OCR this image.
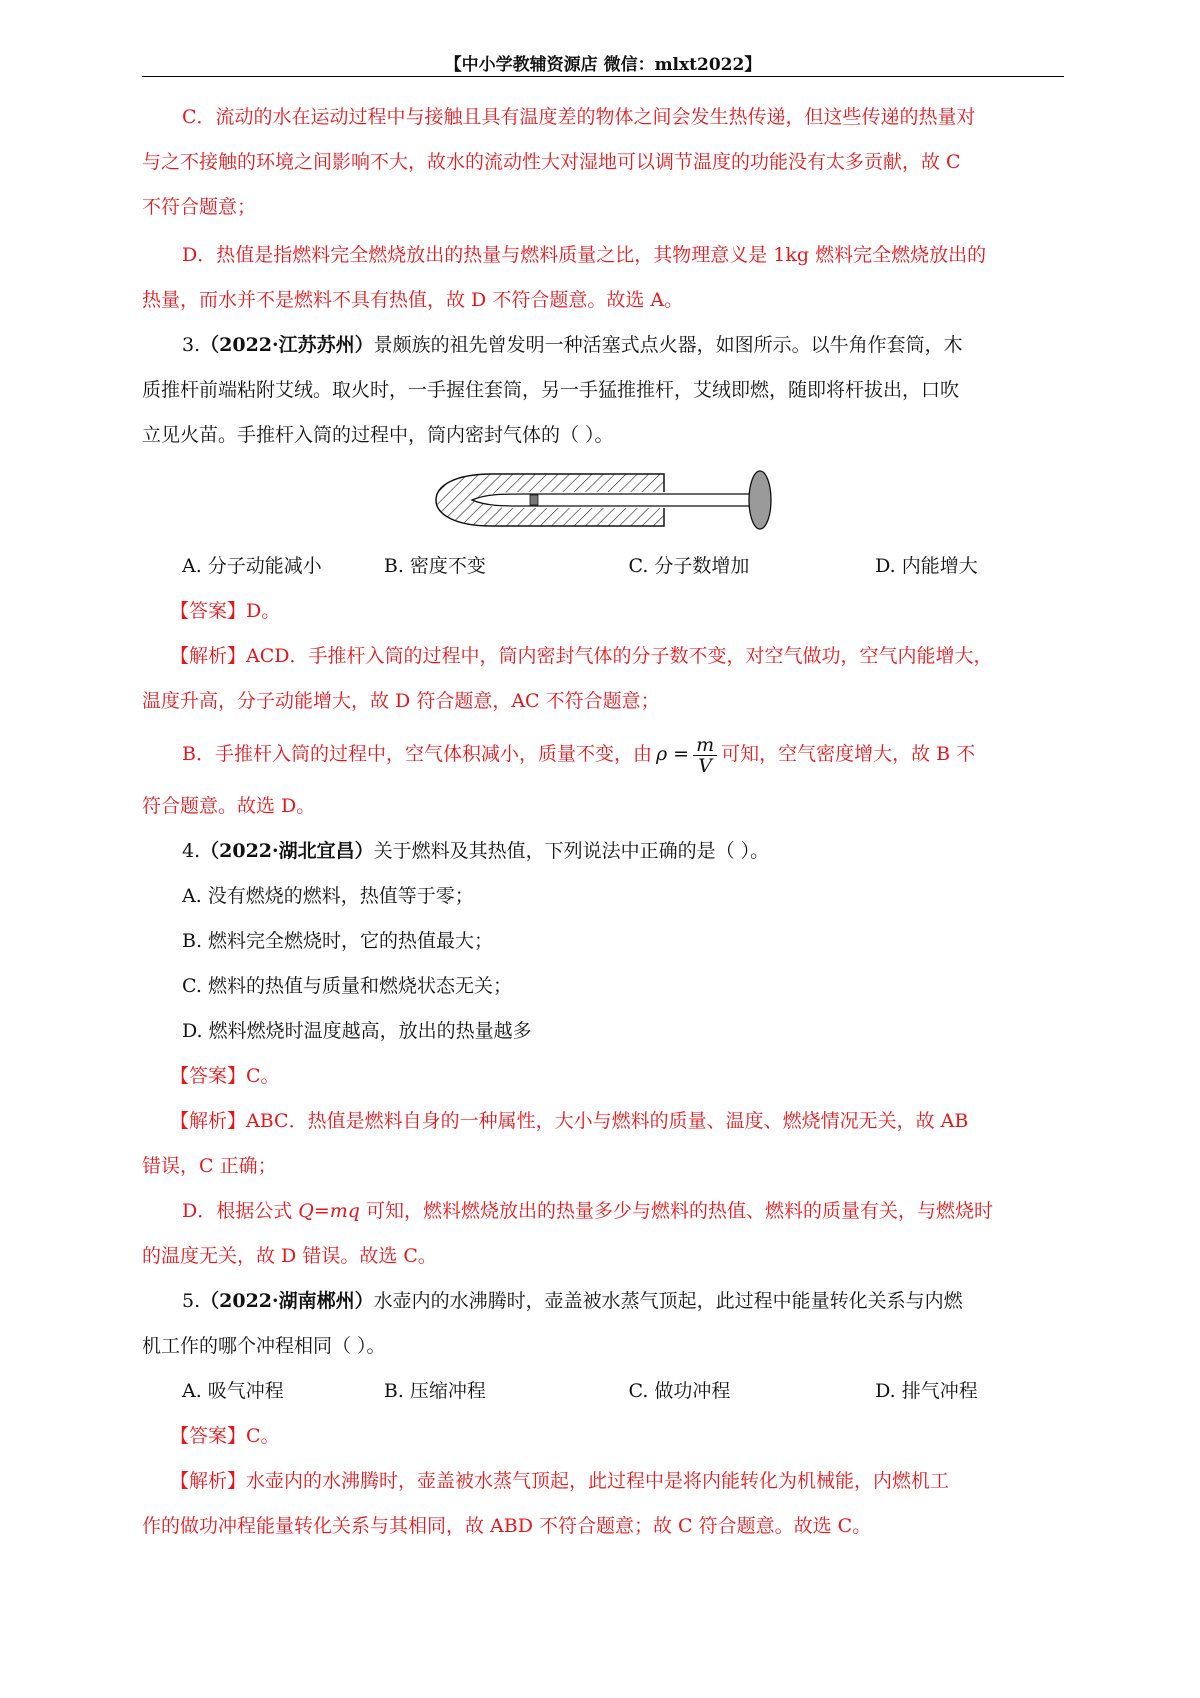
【中小学教辅资源店 微信：mlxt2022】

C．流动的水在运动过程中与接触且具有温度差的物体之间会发生热传递，但这些传递的热量对

与之不接触的环境之间影响不大，故水的流动性大对湿地可以调节温度的功能没有太多贡献，故 C

不符合题意；

D．热值是指燃料完全燃烧放出的热量与燃料质量之比，其物理意义是 1kg 燃料完全燃烧放出的

热量，而水并不是燃料不具有热值，故 D 不符合题意。故选 A。

3.（2022·江苏苏州）景颇族的祖先曾发明一种活塞式点火器，如图所示。以牛角作套筒，木

质推杆前端粘附艾绒。取火时，一手握住套筒，另一手猛推推杆，艾绒即燃，随即将杆拔出，口吹

立见火苗。手推杆入筒的过程中，筒内密封气体的（ ）。

A. 分子动能减小	B. 密度不变	C. 分子数增加	D. 内能增大

【答案】D。

【解析】ACD．手推杆入筒的过程中，筒内密封气体的分子数不变，对空气做功，空气内能增大，

温度升高，分子动能增大，故 D 符合题意，AC 不符合题意；

B．手推杆入筒的过程中，空气体积减小，质量不变，由 $\rho = \frac{m}{V}$ 可知，空气密度增大，故 B 不

符合题意。故选 D。

4.（2022·湖北宜昌）关于燃料及其热值，下列说法中正确的是（ ）。

A. 没有燃烧的燃料，热值等于零；

B. 燃料完全燃烧时，它的热值最大；

C. 燃料的热值与质量和燃烧状态无关；

D. 燃料燃烧时温度越高，放出的热量越多

【答案】C。

【解析】ABC．热值是燃料自身的一种属性，大小与燃料的质量、温度、燃烧情况无关，故 AB

错误，C 正确；

D．根据公式 Q=mq 可知，燃料燃烧放出的热量多少与燃料的热值、燃料的质量有关，与燃烧时

的温度无关，故 D 错误。故选 C。

5.（2022·湖南郴州）水壶内的水沸腾时，壶盖被水蒸气顶起，此过程中能量转化关系与内燃

机工作的哪个冲程相同（ ）。

A. 吸气冲程	B. 压缩冲程	C. 做功冲程	D. 排气冲程

【答案】C。

【解析】水壶内的水沸腾时，壶盖被水蒸气顶起，此过程中是将内能转化为机械能，内燃机工

作的做功冲程能量转化关系与其相同，故 ABD 不符合题意；故 C 符合题意。故选 C。
